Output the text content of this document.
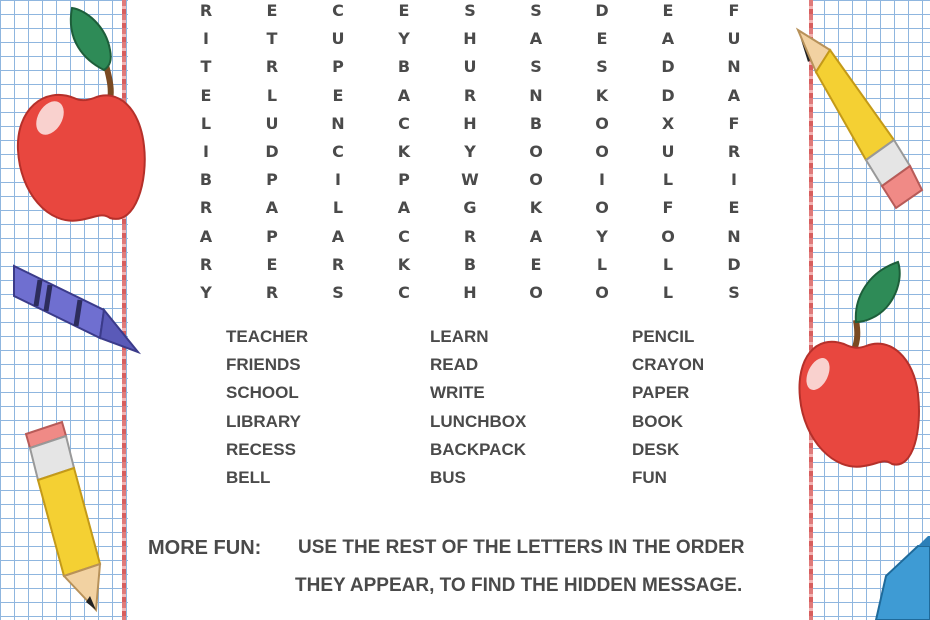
R	E	C	E	S	S	D	E	F
I	T	U	Y	H	A	E	A	U
T	R	P	B	U	S	S	D	N
E	L	E	A	R	N	K	D	A
L	U	N	C	H	B	O	X	F
I	D	C	K	Y	O	O	U	R
B	P	I	P	W	O	I	L	I
R	A	L	A	G	K	O	F	E
A	P	A	C	R	A	Y	O	N
R	E	R	K	B	E	L	L	D
Y	R	S	C	H	O	O	L	S
TEACHER
FRIENDS
SCHOOL
LIBRARY
RECESS
BELL
LEARN
READ
WRITE
LUNCHBOX
BACKPACK
BUS
PENCIL
CRAYON
PAPER
BOOK
DESK
FUN
MORE FUN: USE THE REST OF THE LETTERS IN THE ORDER
THEY APPEAR, TO FIND THE HIDDEN MESSAGE.
